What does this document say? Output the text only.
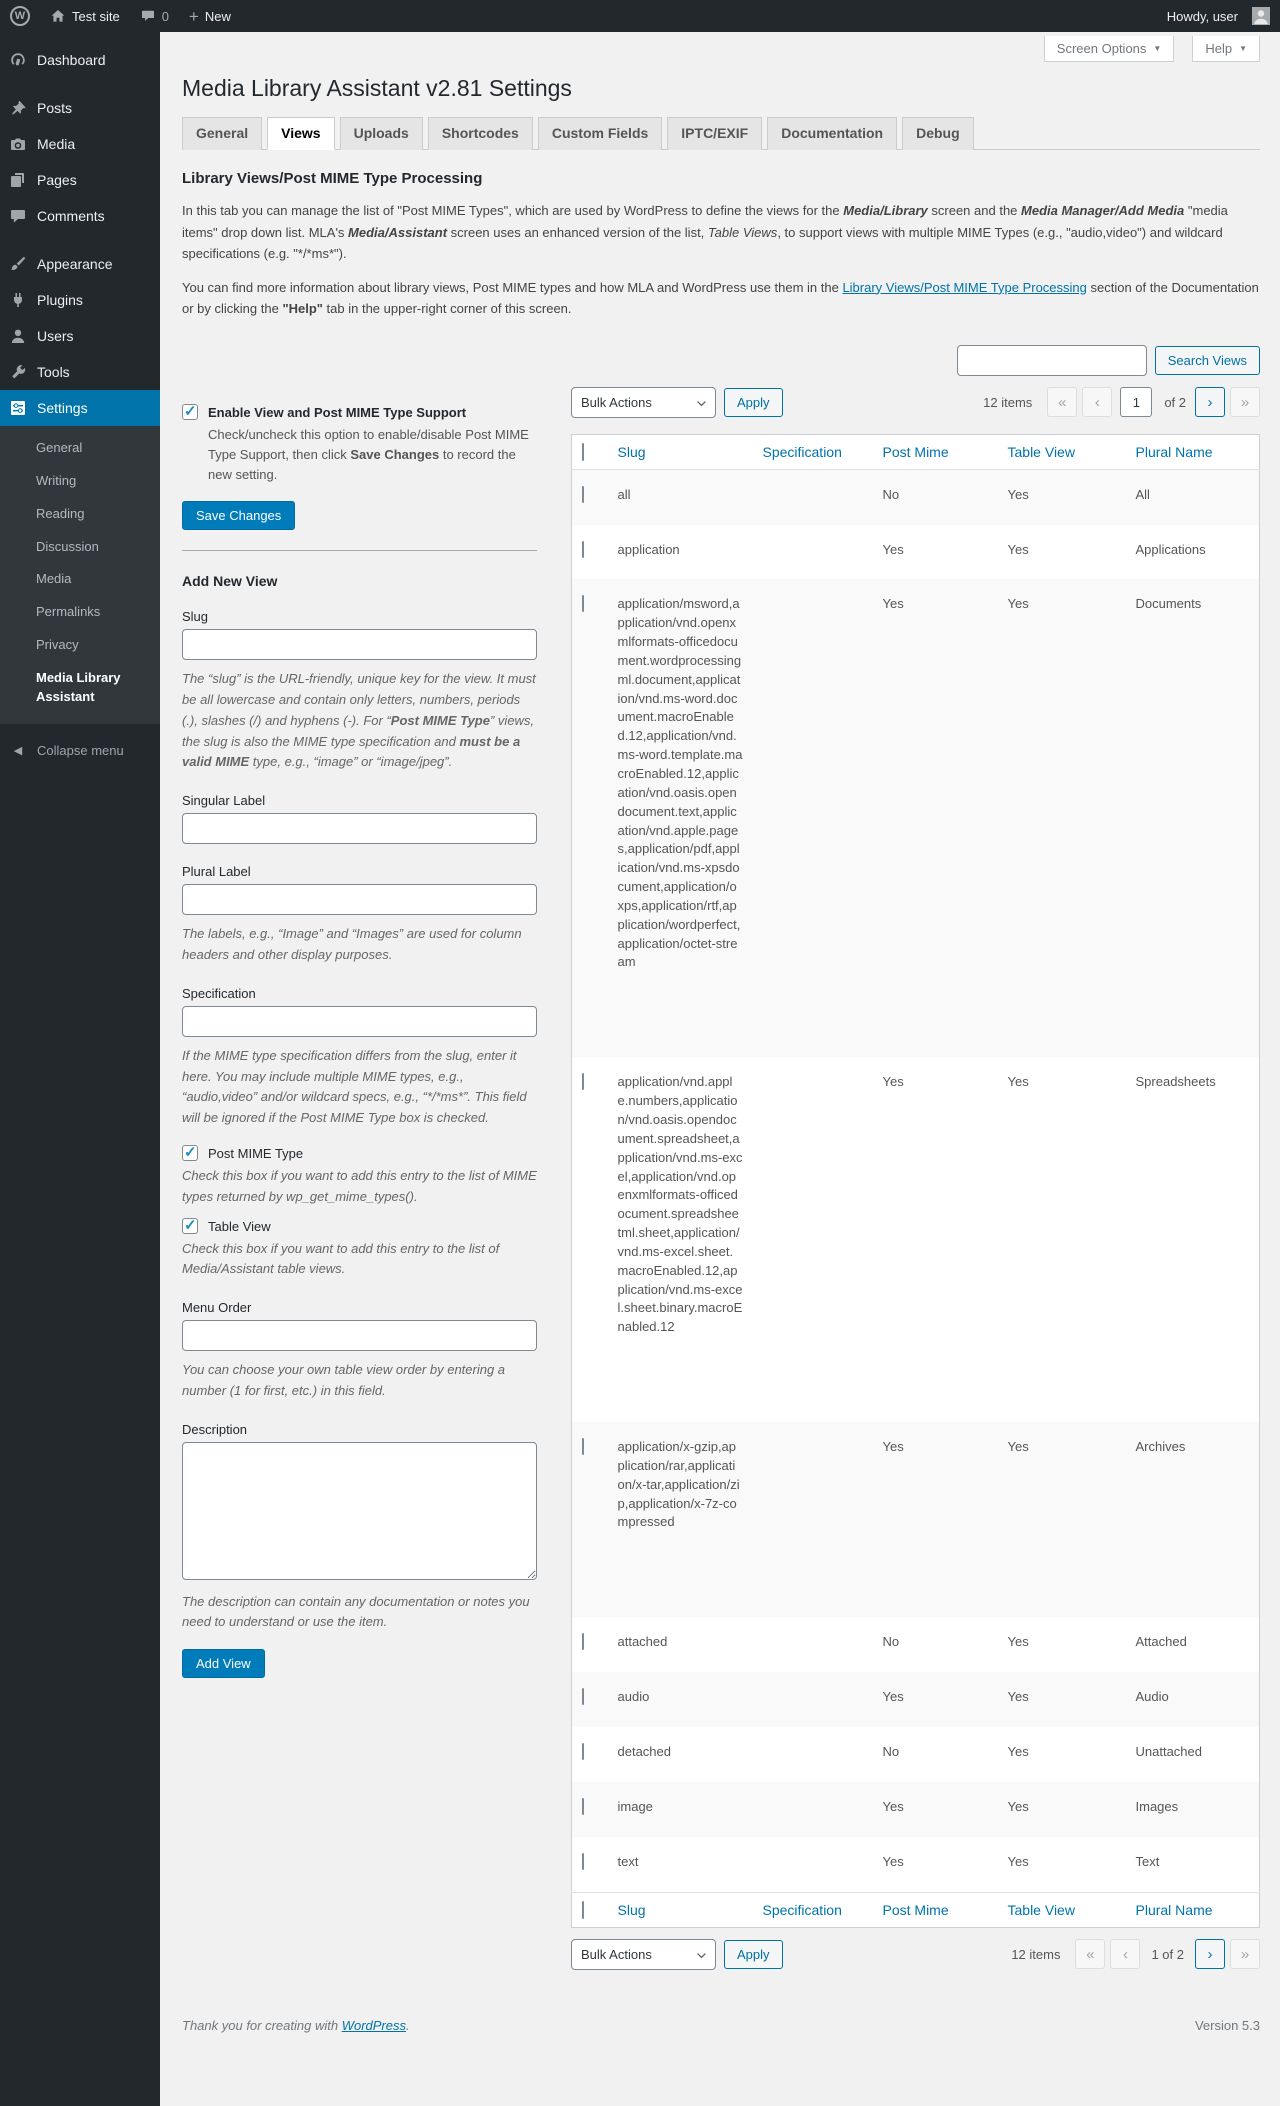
W	Test site	0 + New	Howdy, user
Dashboard
Posts
Media
Pages
Comments
Appearance
Plugins
Users
Tools
Settings
General
Writing
Reading
Discussion
Media
Permalinks
Privacy
Media Library Assistant
◀	Collapse menu
Screen Options ▼	Help ▼
Media Library Assistant v2.81 Settings
General	Views	Uploads	Shortcodes	Custom Fields	IPTC/EXIF	Documentation	Debug
Library Views/Post MIME Type Processing

In this tab you can manage the list of "Post MIME Types", which are used by WordPress to define the views for the Media/Library screen and the Media Manager/Add Media "media items" drop down list. MLA's Media/Assistant screen uses an enhanced version of the list, Table Views, to support views with multiple MIME Types (e.g., "audio,video") and wildcard specifications (e.g. "*/*ms*").

You can find more information about library views, Post MIME types and how MLA and WordPress use them in the Library Views/Post MIME Type Processing section of the Documentation or by clicking the "Help" tab in the upper-right corner of this screen.

✓ Enable View and Post MIME Type Support
Check/uncheck this option to enable/disable Post MIME Type Support, then click Save Changes to record the new setting.
Save Changes
Add New View
Slug
The “slug” is the URL-friendly, unique key for the view. It must be all lowercase and contain only letters, numbers, periods (.), slashes (/) and hyphens (-). For “Post MIME Type” views, the slug is also the MIME type specification and must be a valid MIME type, e.g., “image” or “image/jpeg”.
Singular Label
Plural Label
The labels, e.g., “Image” and “Images” are used for column headers and other display purposes.
Specification
If the MIME type specification differs from the slug, enter it here. You may include multiple MIME types, e.g., “audio,video” and/or wildcard specs, e.g., “*/*ms*”. This field will be ignored if the Post MIME Type box is checked.
✓ Post MIME Type
Check this box if you want to add this entry to the list of MIME types returned by wp_get_mime_types().
✓ Table View
Check this box if you want to add this entry to the list of Media/Assistant table views.
Menu Order
You can choose your own table view order by entering a number (1 for first, etc.) in this field.
Description
The description can contain any documentation or notes you need to understand or use the item.
Add View
Search Views
Bulk Actions	Apply	12 items	«	‹
1	of 2	›	»
	Slug	Specification	Post Mime	Table View	Plural Name
	all		No	Yes	All
	application		Yes	Yes	Applications
	application/msword,application/vnd.openxmlformats-officedocument.wordprocessingml.document,application/vnd.ms-word.document.macroEnabled.12,application/vnd.ms-word.template.macroEnabled.12,application/vnd.oasis.opendocument.text,application/vnd.apple.pages,application/pdf,application/vnd.ms-xpsdocument,application/oxps,application/rtf,application/wordperfect,application/octet-stream		Yes	Yes	Documents
	application/vnd.apple.numbers,application/vnd.oasis.opendocument.spreadsheet,application/vnd.ms-excel,application/vnd.openxmlformats-officedocument.spreadsheetml.sheet,application/vnd.ms-excel.sheet.macroEnabled.12,application/vnd.ms-excel.sheet.binary.macroEnabled.12		Yes	Yes	Spreadsheets
	application/x-gzip,application/rar,application/x-tar,application/zip,application/x-7z-compressed		Yes	Yes	Archives
	attached		No	Yes	Attached
	audio		Yes	Yes	Audio
	detached		No	Yes	Unattached
	image		Yes	Yes	Images
	text		Yes	Yes	Text
	Slug	Specification	Post Mime	Table View	Plural Name
Bulk Actions	Apply	12 items	«	‹	1 of 2	›	»
Thank you for creating with WordPress.	Version 5.3
